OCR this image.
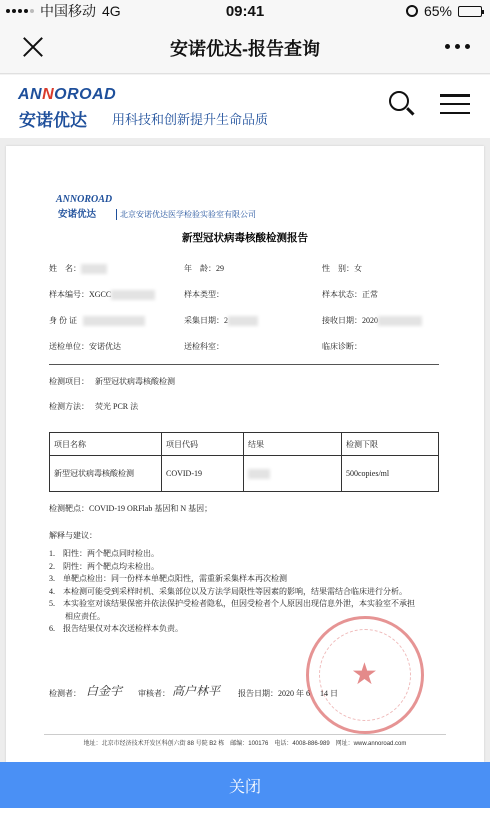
中国移动 4G	09:41	65%
安诺优达-报告查询
ANNOROAD
安诺优达 用科技和创新提升生命品质
ANNOROAD
安诺优达	北京安诺优达医学检验实验室有限公司
新型冠状病毒核酸检测报告
姓　名：	年　龄：29	性　别：女
样本编号：XGCC	样本类型：	样本状态：正常
身 份 证	采集日期：2	接收日期：2020
送检单位：安诺优达	送检科室：	临床诊断：
检测项目： 新型冠状病毒核酸检测
检测方法： 荧光 PCR 法
项目名称	项目代码	结果	检测下限
新型冠状病毒核酸检测	COVID-19		500copies/ml
检测靶点：COVID-19 ORFlab 基因和 N 基因；
解释与建议：
1.　阳性：两个靶点同时检出。
2.　阴性：两个靶点均未检出。
3.　单靶点检出：同一份样本单靶点阳性，需重新采集样本再次检测
4.　本检测可能受到采样时机、采集部位以及方法学局限性等因素的影响，结果需结合临床进行分析。
5.　本实验室对该结果保密并依法保护受检者隐私，但因受检者个人原因出现信息外泄，本实验室不承担
　　相应责任。
6.　报告结果仅对本次送检样本负责。
★
检测者： 白金宇 审核者： 高户林平 报告日期：2020 年 6 14 日
地址：北京市经济技术开发区科创六街 88 号院 B2 栋　邮编：100176　电话：4008-886-989　网址：www.annoroad.com
关闭
